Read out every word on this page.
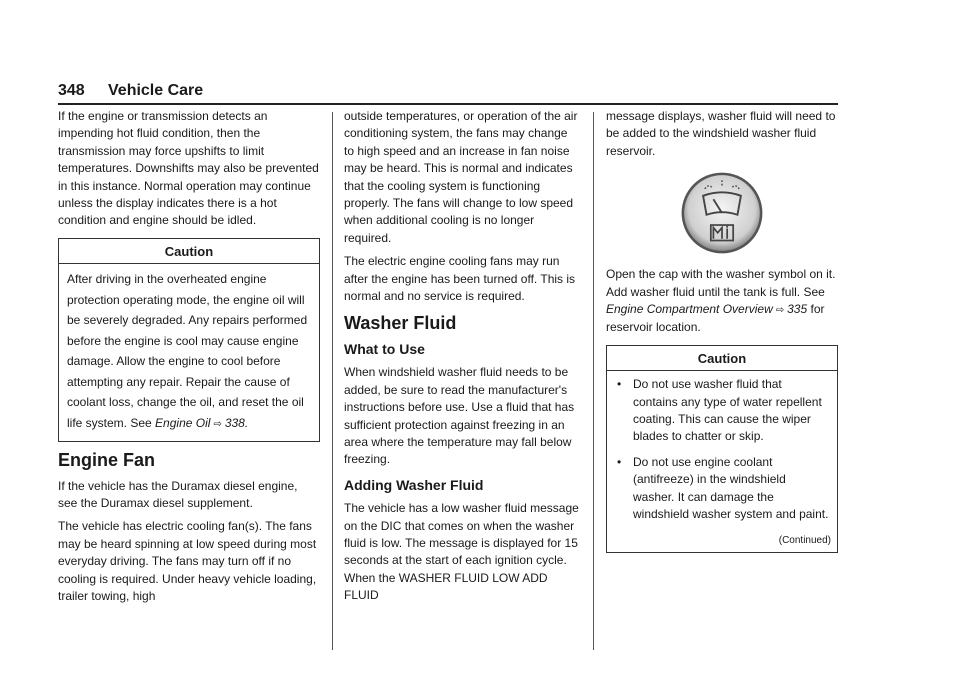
348 Vehicle Care

If the engine or transmission detects an impending hot fluid condition, then the transmission may force upshifts to limit temperatures. Downshifts may also be prevented in this instance. Normal operation may continue unless the display indicates there is a hot condition and engine should be idled.

Caution
After driving in the overheated engine protection operating mode, the engine oil will be severely degraded. Any repairs performed before the engine is cool may cause engine damage. Allow the engine to cool before attempting any repair. Repair the cause of coolant loss, change the oil, and reset the oil life system. See Engine Oil ⇨ 338.
Engine Fan

If the vehicle has the Duramax diesel engine, see the Duramax diesel supplement.

The vehicle has electric cooling fan(s). The fans may be heard spinning at low speed during most everyday driving. The fans may turn off if no cooling is required. Under heavy vehicle loading, trailer towing, high

outside temperatures, or operation of the air conditioning system, the fans may change to high speed and an increase in fan noise may be heard. This is normal and indicates that the cooling system is functioning properly. The fans will change to low speed when additional cooling is no longer required.

The electric engine cooling fans may run after the engine has been turned off. This is normal and no service is required.

Washer Fluid
What to Use

When windshield washer fluid needs to be added, be sure to read the manufacturer's instructions before use. Use a fluid that has sufficient protection against freezing in an area where the temperature may fall below freezing.

Adding Washer Fluid

The vehicle has a low washer fluid message on the DIC that comes on when the washer fluid is low. The message is displayed for 15 seconds at the start of each ignition cycle. When the WASHER FLUID LOW ADD FLUID

message displays, washer fluid will need to be added to the windshield washer fluid reservoir.

Open the cap with the washer symbol on it. Add washer fluid until the tank is full. See Engine Compartment Overview ⇨ 335 for reservoir location.

Caution
• Do not use washer fluid that contains any type of water repellent coating. This can cause the wiper blades to chatter or skip.
• Do not use engine coolant (antifreeze) in the windshield washer. It can damage the windshield washer system and paint.
(Continued)
